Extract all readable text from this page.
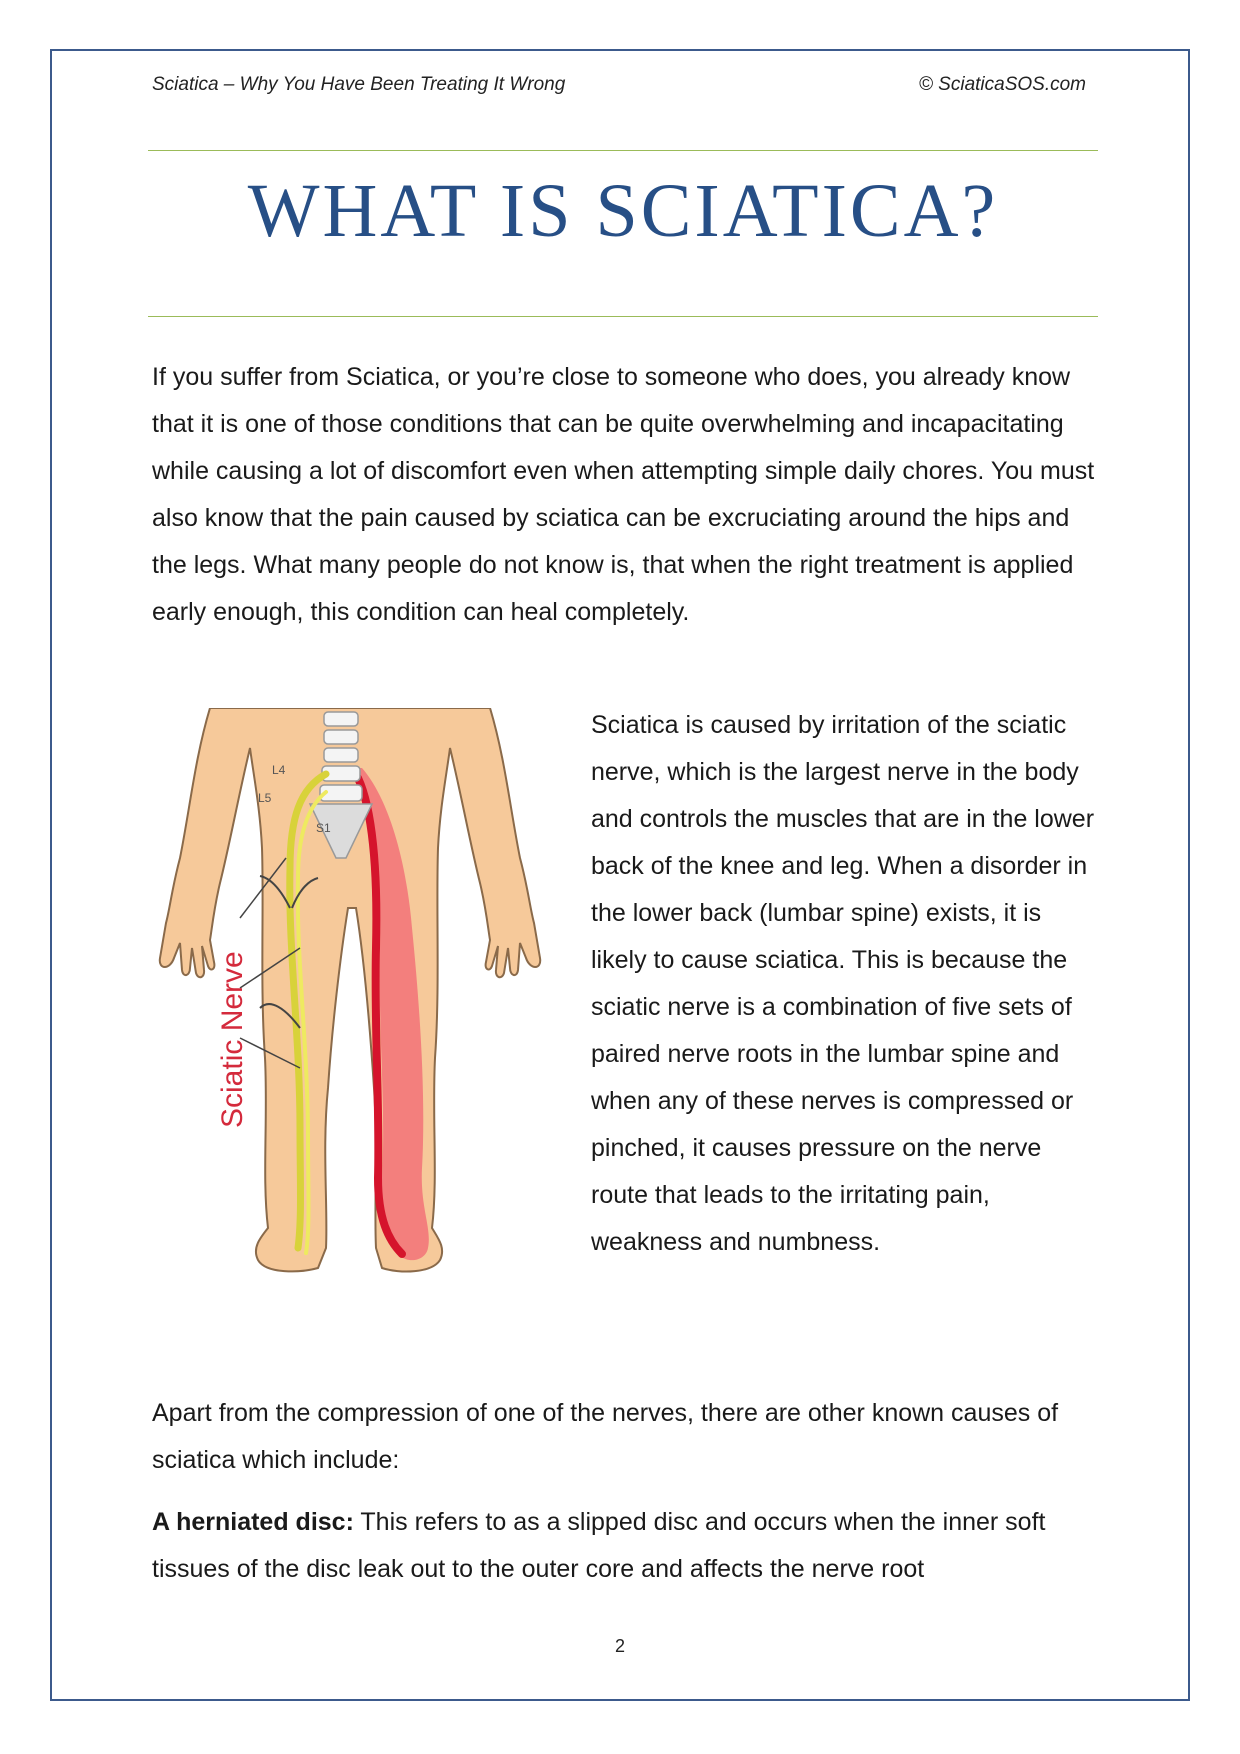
Sciatica – Why You Have Been Treating It Wrong	© SciaticaSOS.com
WHAT IS SCIATICA?

If you suffer from Sciatica, or you’re close to someone who does, you already know that it is one of those conditions that can be quite overwhelming and incapacitating while causing a lot of discomfort even when attempting simple daily chores. You must also know that the pain caused by sciatica can be excruciating around the hips and the legs. What many people do not know is, that when the right treatment is applied early enough, this condition can heal completely.

L4
L5
S1
Sciatic Nerve

Sciatica is caused by irritation of the sciatic nerve, which is the largest nerve in the body and controls the muscles that are in the lower back of the knee and leg. When a disorder in the lower back (lumbar spine) exists, it is likely to cause sciatica. This is because the sciatic nerve is a combination of five sets of paired nerve roots in the lumbar spine and when any of these nerves is compressed or pinched, it causes pressure on the nerve route that leads to the irritating pain, weakness and numbness.

Apart from the compression of one of the nerves, there are other known causes of sciatica which include:

A herniated disc: This refers to as a slipped disc and occurs when the inner soft tissues of the disc leak out to the outer core and affects the nerve root

2
